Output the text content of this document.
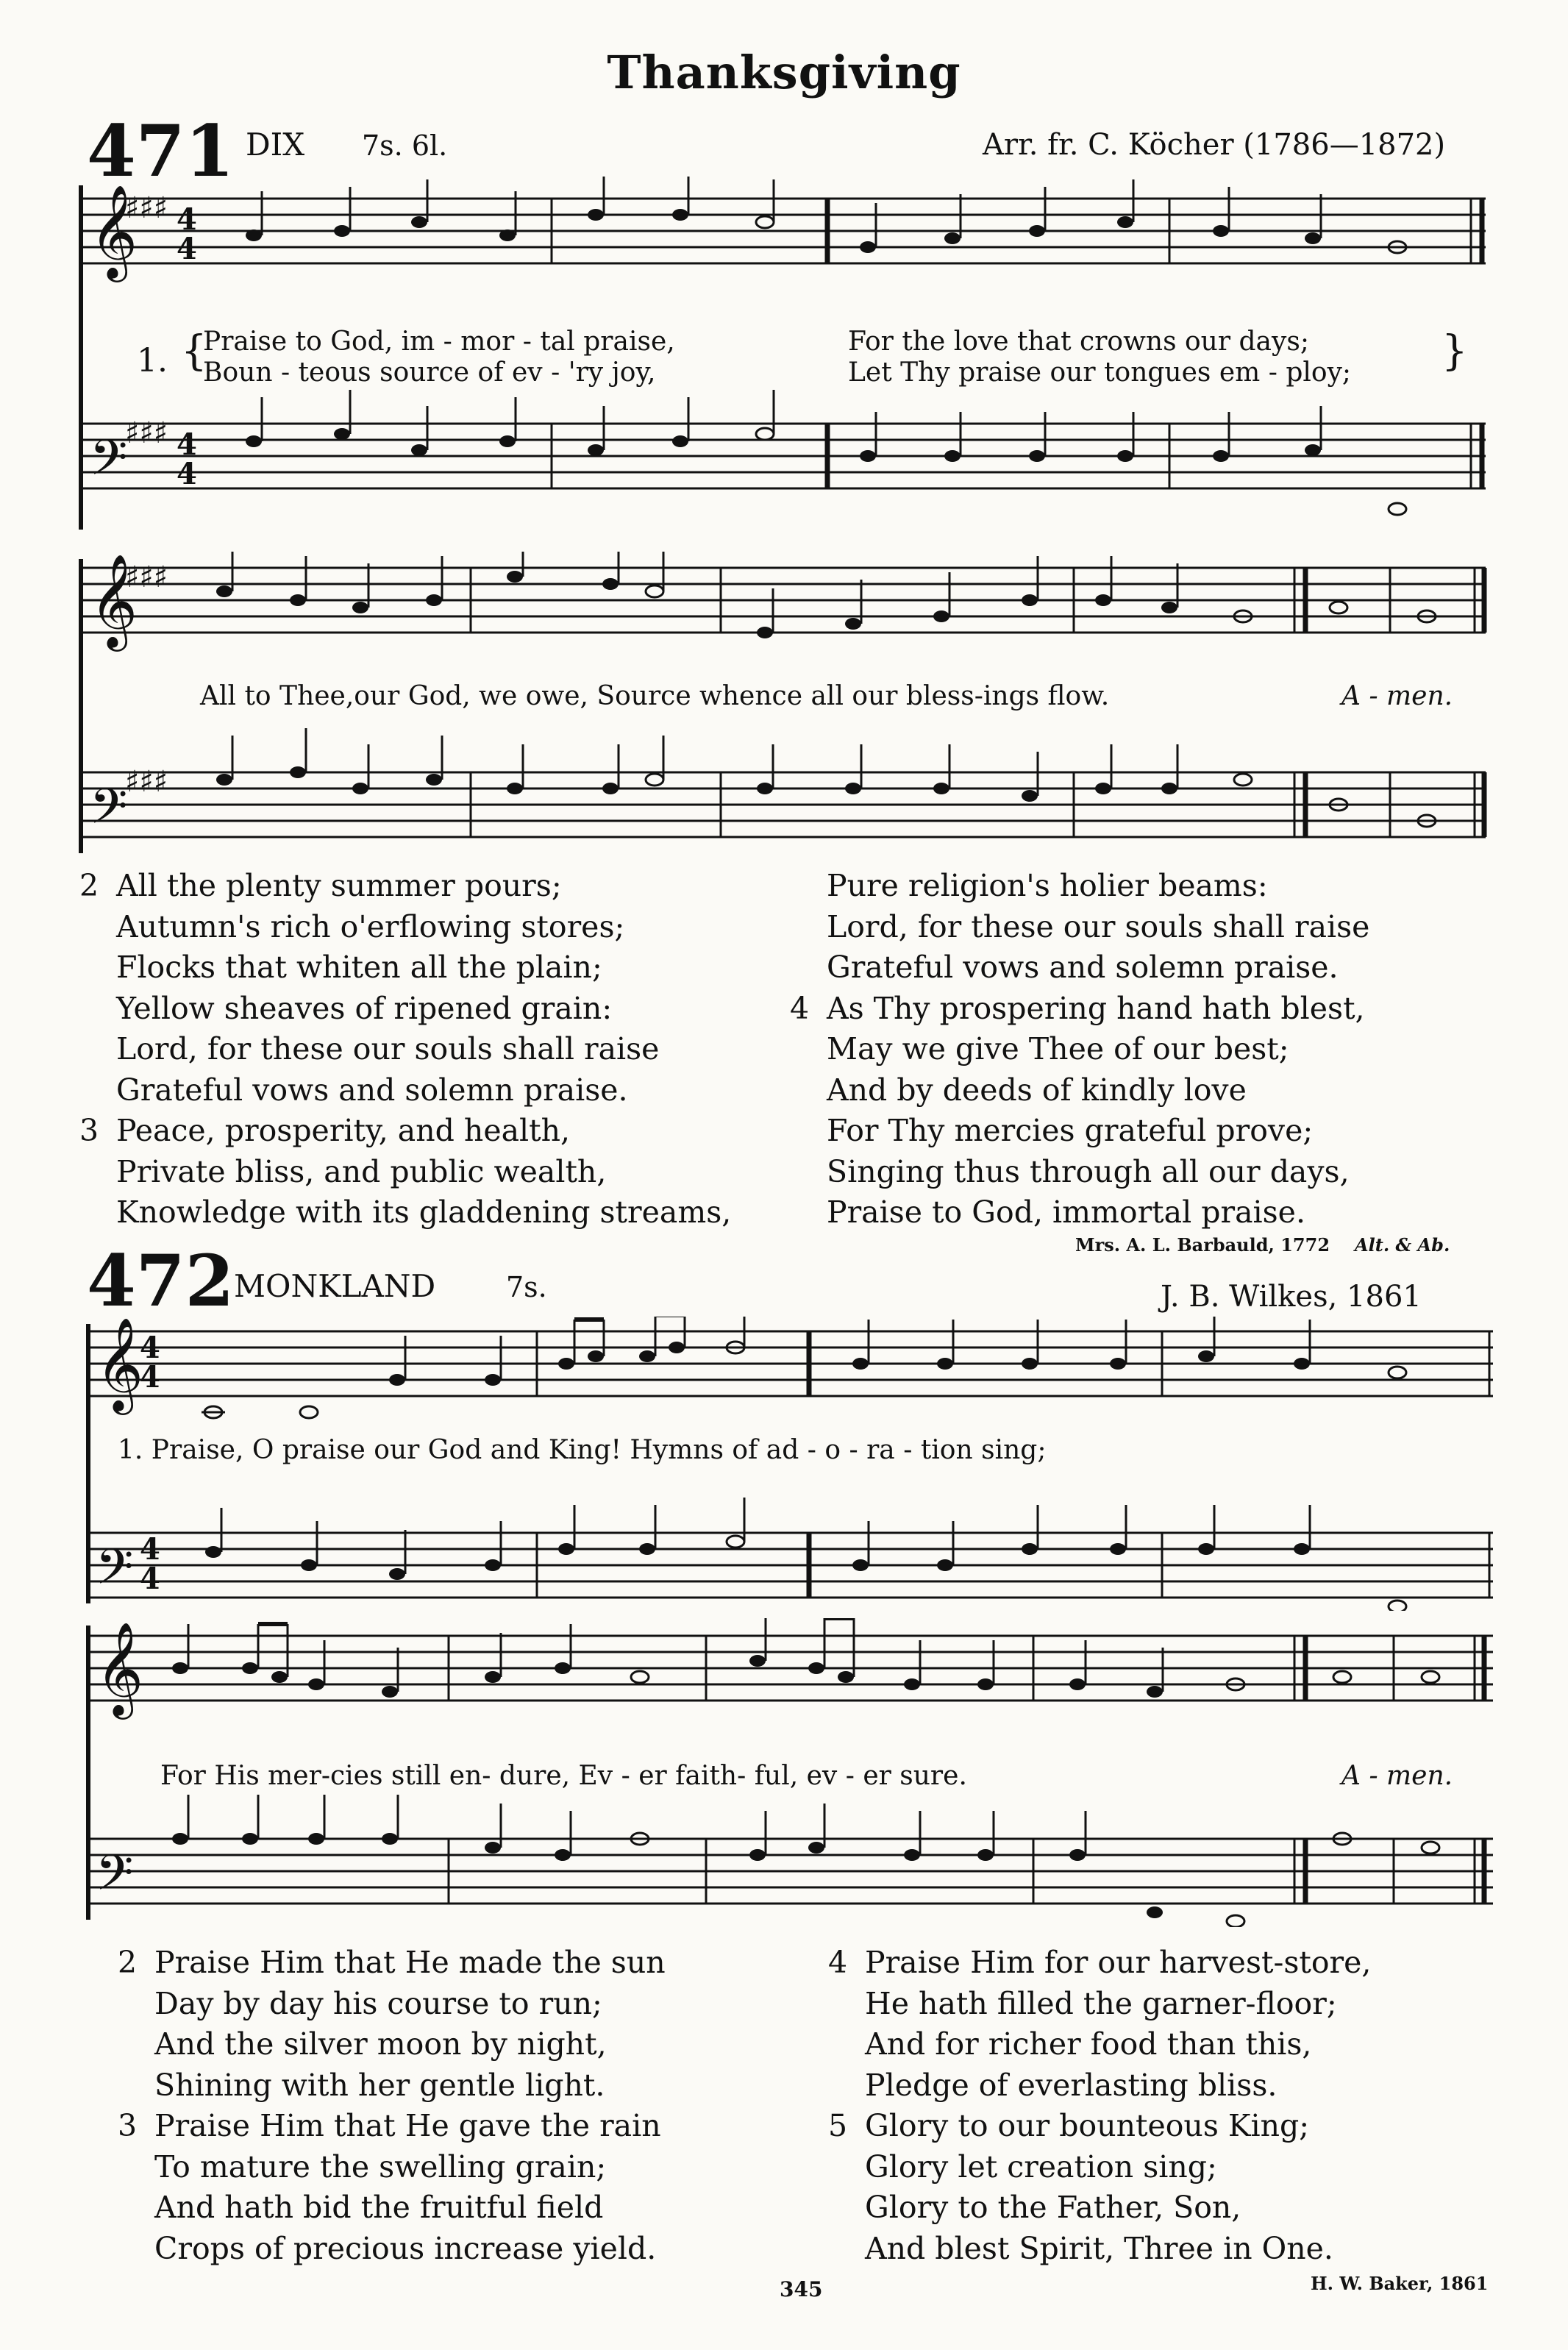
Thanksgiving
471 DIX 7s. 6l.	Arr. fr. C. Köcher (1786—1872)
𝄞
𝄢
♯♯♯ 4
4
♯♯♯ 4
4
1. {
Praise to God, im - mor - tal praise,
Boun - teous source of ev - 'ry joy,
For the love that crowns our days;
Let Thy praise our tongues em - ploy; }
𝄞
𝄢
♯♯♯
♯♯♯
All to Thee,our God, we owe, Source whence all our bless-ings flow.	A - men.
2 All the plenty summer pours;
Autumn's rich o'erflowing stores;
Flocks that whiten all the plain;
Yellow sheaves of ripened grain:
Lord, for these our souls shall raise
Grateful vows and solemn praise.
3 Peace, prosperity, and health,
Private bliss, and public wealth,
Knowledge with its gladdening streams,
Pure religion's holier beams:
Lord, for these our souls shall raise
Grateful vows and solemn praise.
4 As Thy prospering hand hath blest,
May we give Thee of our best;
And by deeds of kindly love
For Thy mercies grateful prove;
Singing thus through all our days,
Praise to God, immortal praise.
Mrs. A. L. Barbauld, 1772 Alt. & Ab.
472 MONKLAND	7s.	J. B. Wilkes, 1861
𝄞
𝄢
4
4
4
4
1. Praise, O praise our God and King! Hymns of ad - o - ra - tion sing;
𝄞
𝄢
For His mer-cies still en- dure, Ev - er faith- ful, ev - er sure.	A - men.
2 Praise Him that He made the sun
Day by day his course to run;
And the silver moon by night,
Shining with her gentle light.
3 Praise Him that He gave the rain
To mature the swelling grain;
And hath bid the fruitful field
Crops of precious increase yield.
4 Praise Him for our harvest-store,
He hath filled the garner-floor;
And for richer food than this,
Pledge of everlasting bliss.
5 Glory to our bounteous King;
Glory let creation sing;
Glory to the Father, Son,
And blest Spirit, Three in One.
345	H. W. Baker, 1861
